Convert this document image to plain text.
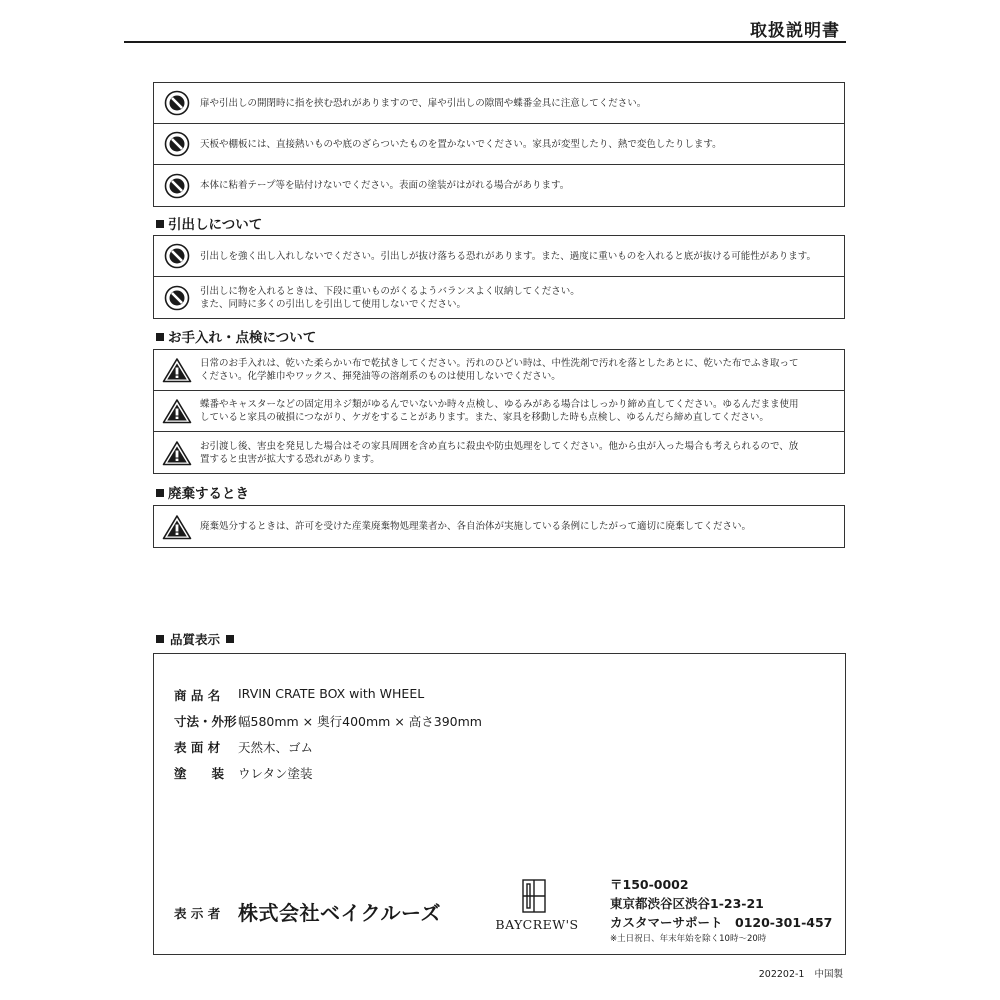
取扱説明書
扉や引出しの開閉時に指を挟む恐れがありますので、扉や引出しの隙間や蝶番金具に注意してください。
天板や棚板には、直接熱いものや底のざらついたものを置かないでください。家具が変型したり、熱で変色したりします。
本体に粘着テープ等を貼付けないでください。表面の塗装がはがれる場合があります。
引出しについて
引出しを強く出し入れしないでください。引出しが抜け落ちる恐れがあります。また、過度に重いものを入れると底が抜ける可能性があります。
引出しに物を入れるときは、下段に重いものがくるようバランスよく収納してください。
また、同時に多くの引出しを引出して使用しないでください。
お手入れ・点検について
日常のお手入れは、乾いた柔らかい布で乾拭きしてください。汚れのひどい時は、中性洗剤で汚れを落としたあとに、乾いた布でふき取って
ください。化学雑巾やワックス、揮発油等の溶剤系のものは使用しないでください。
蝶番やキャスターなどの固定用ネジ類がゆるんでいないか時々点検し、ゆるみがある場合はしっかり締め直してください。ゆるんだまま使用
していると家具の破損につながり、ケガをすることがあります。また、家具を移動した時も点検し、ゆるんだら締め直してください。
お引渡し後、害虫を発見した場合はその家具周囲を含め直ちに殺虫や防虫処理をしてください。他から虫が入った場合も考えられるので、放
置すると虫害が拡大する恐れがあります。
廃棄するとき
廃棄処分するときは、許可を受けた産業廃棄物処理業者か、各自治体が実施している条例にしたがって適切に廃棄してください。
品質表示
商 品 名	IRVIN CRATE BOX with WHEEL
寸法・外形 幅580mm × 奥行400mm × 高さ390mm
表 面 材	天然木、ゴム
塗　　装	ウレタン塗装
表 示 者 株式会社ベイクルーズ	BAYCREW'S
〒150-0002
東京都渋谷区渋谷1-23-21
カスタマーサポート　0120-301-457
※土日祝日、年末年始を除く10時～20時
202202-1 中国製
